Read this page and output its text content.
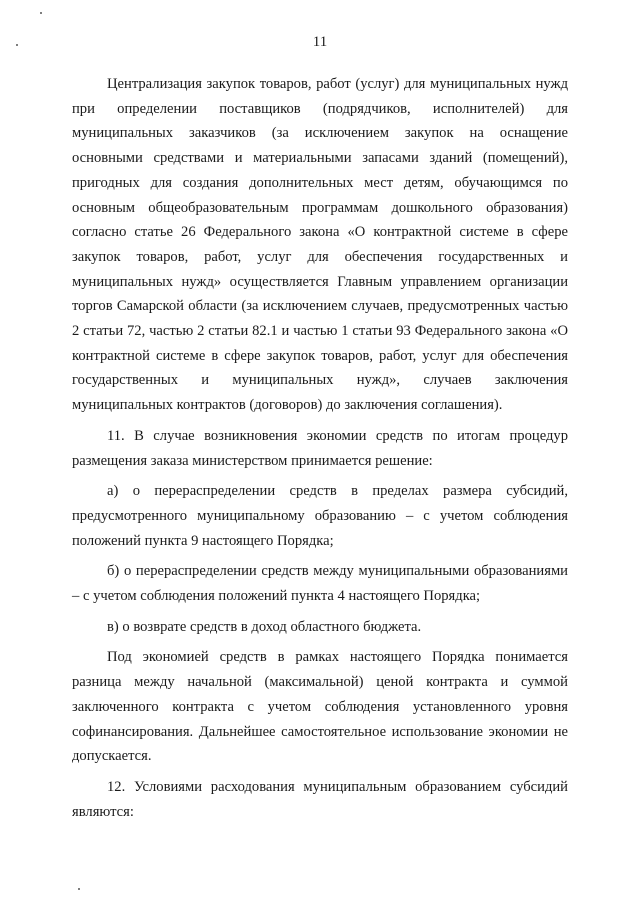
11

Централизация закупок товаров, работ (услуг) для муниципальных нужд при определении поставщиков (подрядчиков, исполнителей) для муниципальных заказчиков (за исключением закупок на оснащение основными средствами и материальными запасами зданий (помещений), пригодных для создания дополнительных мест детям, обучающимся по основным общеобразовательным программам дошкольного образования) согласно статье 26 Федерального закона «О контрактной системе в сфере закупок товаров, работ, услуг для обеспечения государственных и муниципальных нужд» осуществляется Главным управлением организации торгов Самарской области (за исключением случаев, предусмотренных частью 2 статьи 72, частью 2 статьи 82.1 и частью 1 статьи 93 Федерального закона «О контрактной системе в сфере закупок товаров, работ, услуг для обеспечения государственных и муниципальных нужд», случаев заключения муниципальных контрактов (договоров) до заключения соглашения).

11. В случае возникновения экономии средств по итогам процедур размещения заказа министерством принимается решение:

а) о перераспределении средств в пределах размера субсидий, предусмотренного муниципальному образованию – с учетом соблюдения положений пункта 9 настоящего Порядка;

б) о перераспределении средств между муниципальными образованиями – с учетом соблюдения положений пункта 4 настоящего Порядка;

в) о возврате средств в доход областного бюджета.

Под экономией средств в рамках настоящего Порядка понимается разница между начальной (максимальной) ценой контракта и суммой заключенного контракта с учетом соблюдения установленного уровня софинансирования. Дальнейшее самостоятельное использование экономии не допускается.

12. Условиями расходования муниципальным образованием субсидий являются:
